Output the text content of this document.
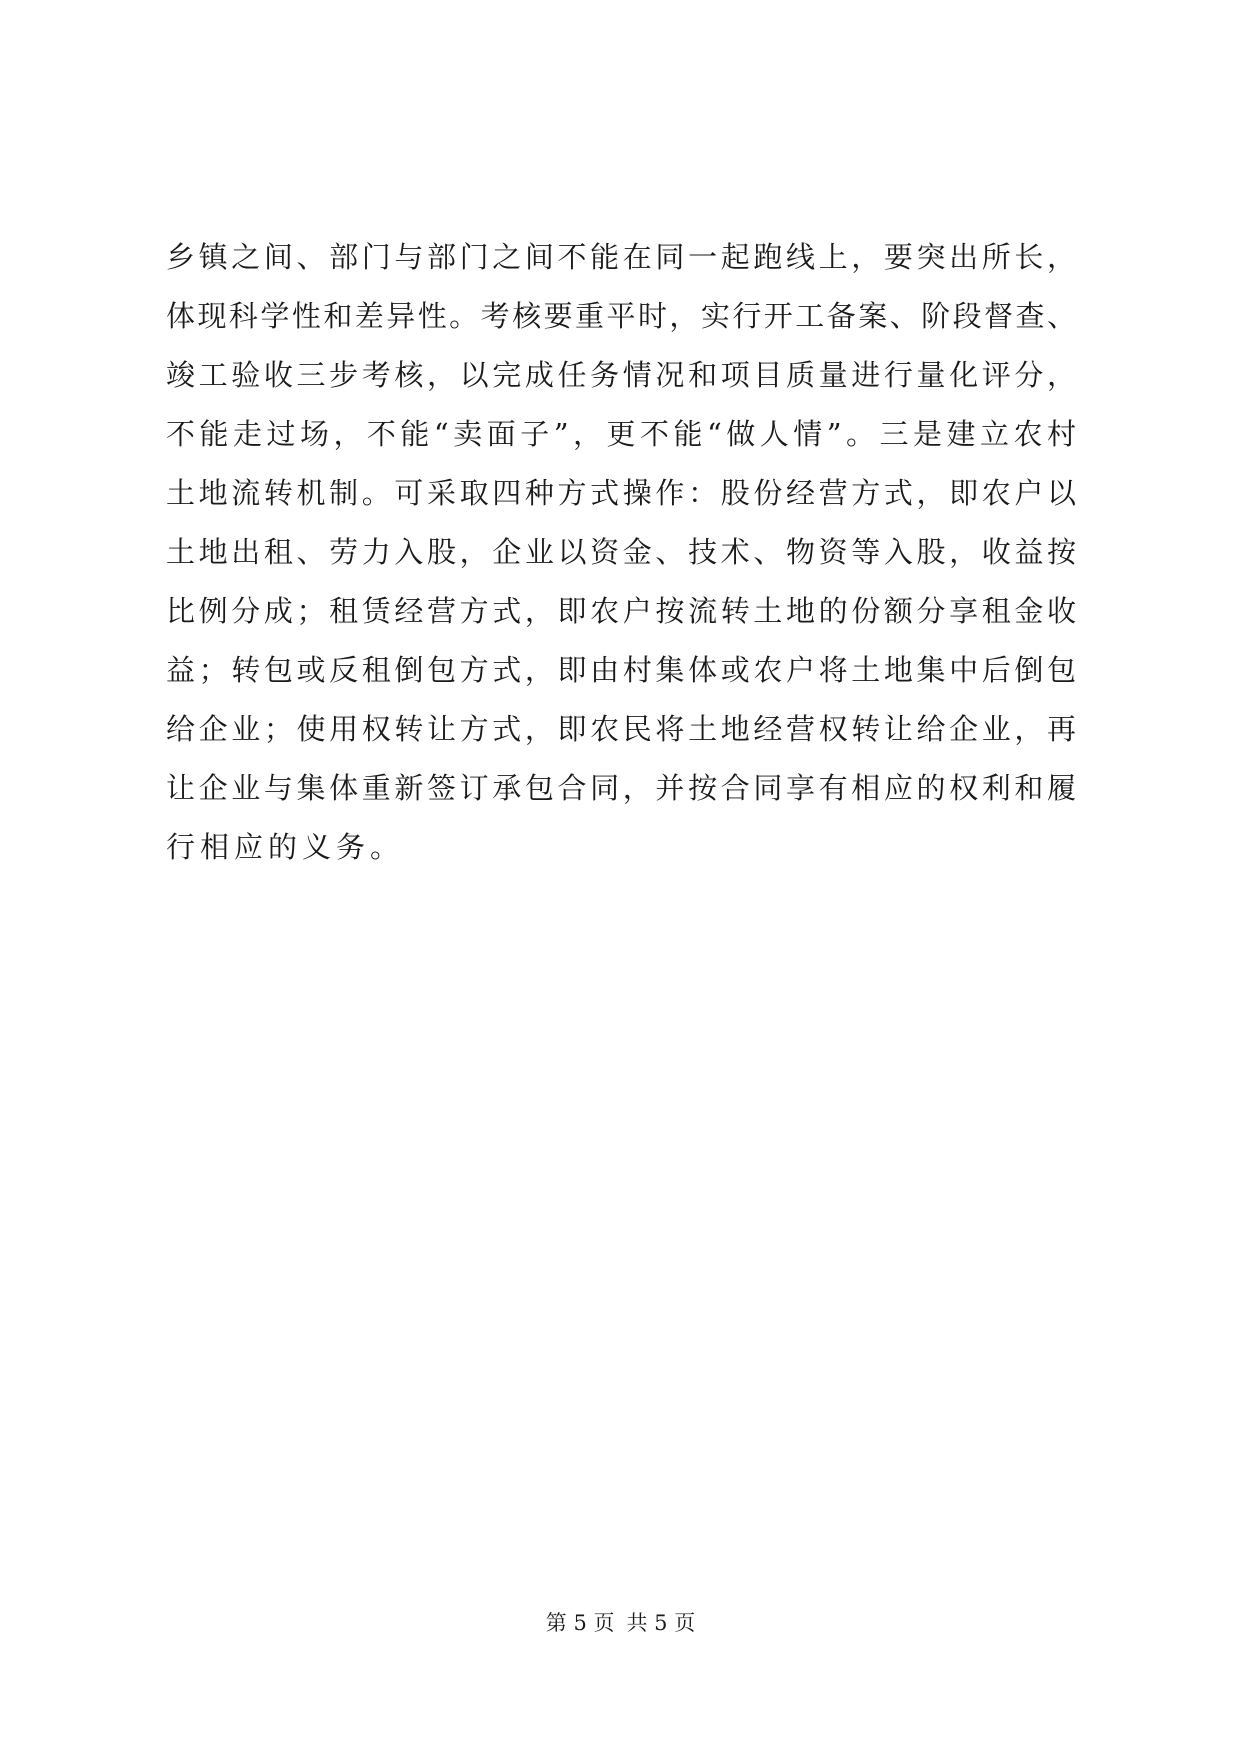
乡镇之间、部门与部门之间不能在同一起跑线上，要突出所长，
体现科学性和差异性。考核要重平时，实行开工备案、阶段督查、
竣工验收三步考核，以完成任务情况和项目质量进行量化评分，
不能走过场，不能“卖面子”，更不能“做人情”。三是建立农村
土地流转机制。可采取四种方式操作：股份经营方式，即农户以
土地出租、劳力入股，企业以资金、技术、物资等入股，收益按
比例分成；租赁经营方式，即农户按流转土地的份额分享租金收
益；转包或反租倒包方式，即由村集体或农户将土地集中后倒包
给企业；使用权转让方式，即农民将土地经营权转让给企业，再
让企业与集体重新签订承包合同，并按合同享有相应的权利和履
行相应的义务。
第 5 页 共 5 页
